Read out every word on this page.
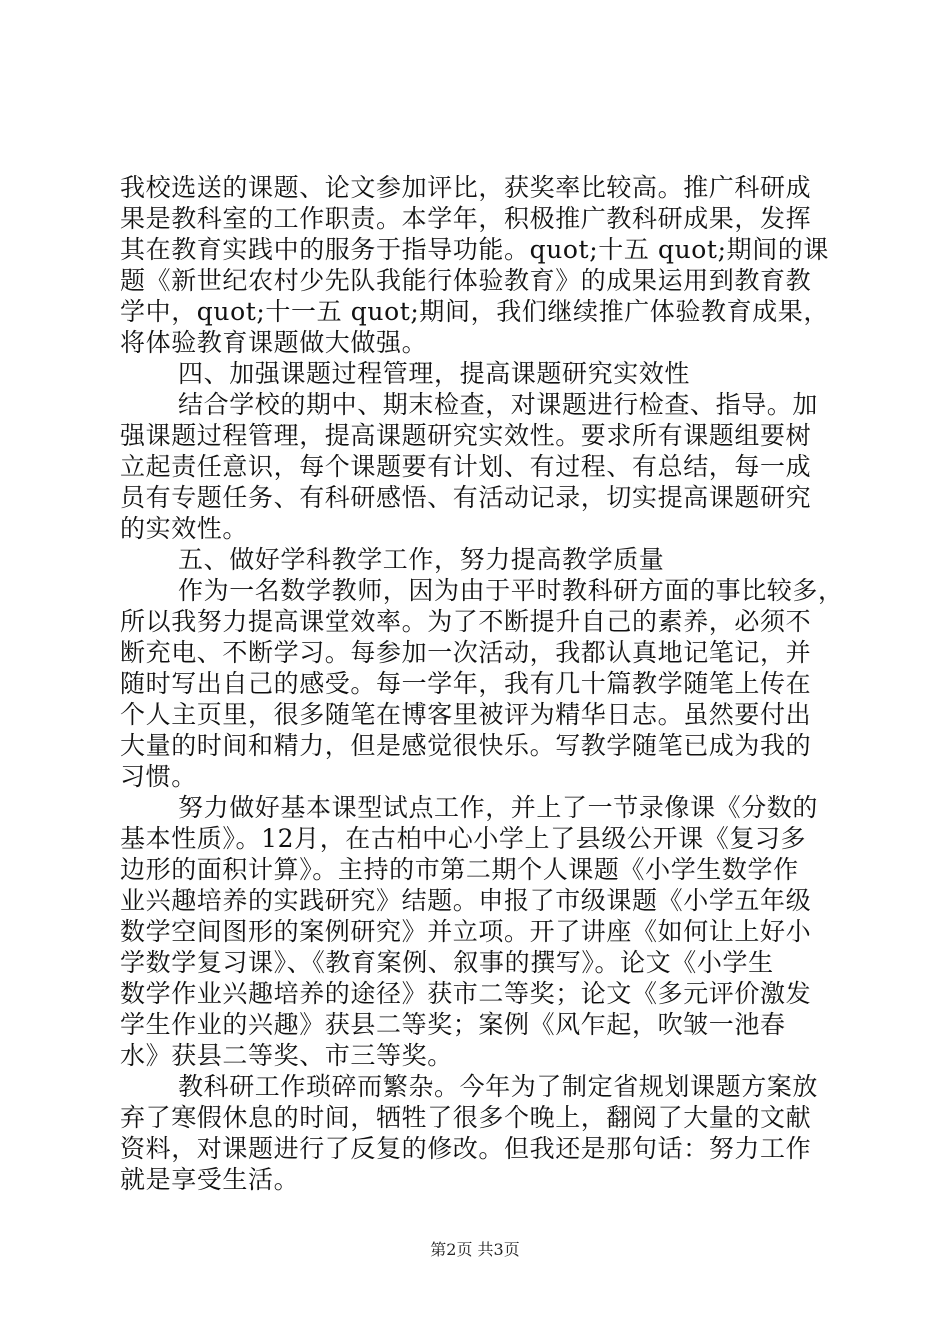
我校选送的课题、论文参加评比，获奖率比较高。推广科研成
果是教科室的工作职责。本学年，积极推广教科研成果，发挥
其在教育实践中的服务于指导功能。quot;十五 quot;期间的课
题《新世纪农村少先队我能行体验教育》的成果运用到教育教
学中，quot;十一五 quot;期间，我们继续推广体验教育成果，
将体验教育课题做大做强。
四、加强课题过程管理，提高课题研究实效性
结合学校的期中、期末检查，对课题进行检查、指导。加
强课题过程管理，提高课题研究实效性。要求所有课题组要树
立起责任意识，每个课题要有计划、有过程、有总结，每一成
员有专题任务、有科研感悟、有活动记录，切实提高课题研究
的实效性。
五、做好学科教学工作，努力提高教学质量
作为一名数学教师，因为由于平时教科研方面的事比较多，
所以我努力提高课堂效率。为了不断提升自己的素养，必须不
断充电、不断学习。每参加一次活动，我都认真地记笔记，并
随时写出自己的感受。每一学年，我有几十篇教学随笔上传在
个人主页里，很多随笔在博客里被评为精华日志。虽然要付出
大量的时间和精力，但是感觉很快乐。写教学随笔已成为我的
习惯。
努力做好基本课型试点工作，并上了一节录像课《分数的
基本性质》。12月，在古柏中心小学上了县级公开课《复习多
边形的面积计算》。主持的市第二期个人课题《小学生数学作
业兴趣培养的实践研究》结题。申报了市级课题《小学五年级
数学空间图形的案例研究》并立项。开了讲座《如何让上好小
学数学复习课》、《教育案例、叙事的撰写》。论文《小学生
数学作业兴趣培养的途径》获市二等奖；论文《多元评价激发
学生作业的兴趣》获县二等奖；案例《风乍起，吹皱一池春
水》获县二等奖、市三等奖。
教科研工作琐碎而繁杂。今年为了制定省规划课题方案放
弃了寒假休息的时间，牺牲了很多个晚上，翻阅了大量的文献
资料，对课题进行了反复的修改。但我还是那句话：努力工作
就是享受生活。
第2页 共3页
